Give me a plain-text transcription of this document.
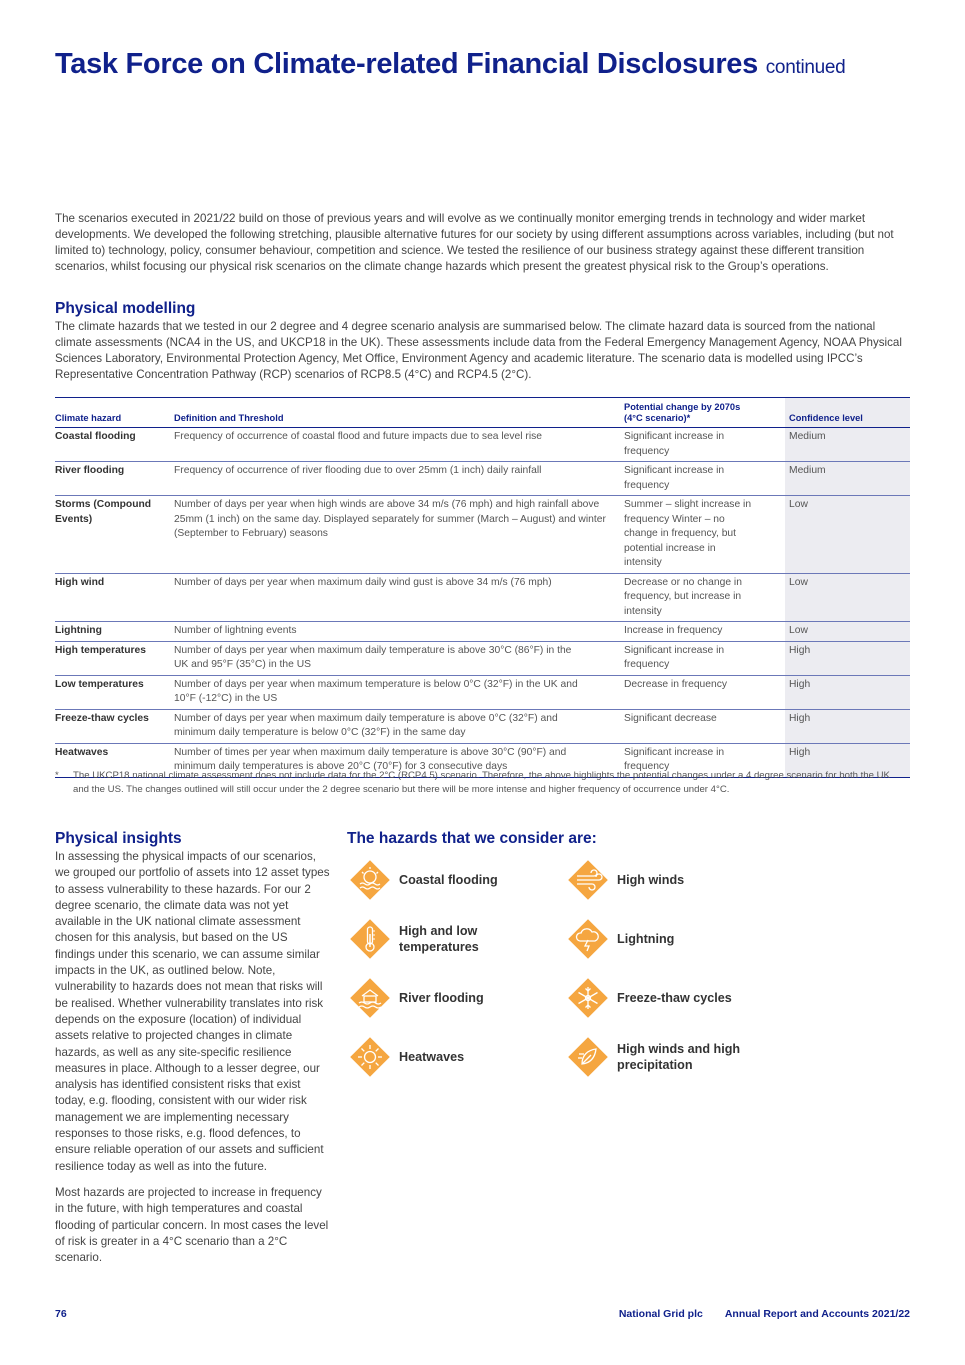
Task Force on Climate-related Financial Disclosures continued

The scenarios executed in 2021/22 build on those of previous years and will evolve as we continually monitor emerging trends in technology and wider market developments. We developed the following stretching, plausible alternative futures for our society by using different assumptions across variables, including (but not limited to) technology, policy, consumer behaviour, competition and science. We tested the resilience of our business strategy against these different transition scenarios, whilst focusing our physical risk scenarios on the climate change hazards which present the greatest physical risk to the Group’s operations.

Physical modelling

The climate hazards that we tested in our 2 degree and 4 degree scenario analysis are summarised below. The climate hazard data is sourced from the national climate assessments (NCA4 in the US, and UKCP18 in the UK). These assessments include data from the Federal Emergency Management Agency, NOAA Physical Sciences Laboratory, Environmental Protection Agency, Met Office, Environment Agency and academic literature. The scenario data is modelled using IPCC’s Representative Concentration Pathway (RCP) scenarios of RCP8.5 (4°C) and RCP4.5 (2°C).

Climate hazard	Definition and Threshold	Potential change by 2070s (4°C scenario)*	Confidence level
Coastal flooding	Frequency of occurrence of coastal flood and future impacts due to sea level rise	Significant increase in frequency	Medium
River flooding	Frequency of occurrence of river flooding due to over 25mm (1 inch) daily rainfall	Significant increase in frequency	Medium

Storms (Compound Events)	Number of days per year when high winds are above 34 m/s (76 mph) and high rainfall above 25mm (1 inch) on the same day. Displayed separately for summer (March – August) and winter (September to February) seasons	Summer – slight increase in frequency Winter – no change in frequency, but potential increase in intensity	Low
High wind	Number of days per year when maximum daily wind gust is above 34 m/s (76 mph)	Decrease or no change in frequency, but increase in intensity	Low
Lightning	Number of lightning events	Increase in frequency	Low
High temperatures	Number of days per year when maximum daily temperature is above 30°C (86°F) in the UK and 95°F (35°C) in the US	Significant increase in frequency	High
Low temperatures	Number of days per year when maximum temperature is below 0°C (32°F) in the UK and 10°F (-12°C) in the US	Decrease in frequency	High
Freeze-thaw cycles	Number of days per year when maximum daily temperature is above 0°C (32°F) and minimum daily temperature is below 0°C (32°F) in the same day	Significant decrease	High
Heatwaves	Number of times per year when maximum daily temperature is above 30°C (90°F) and minimum daily temperatures is above 20°C (70°F) for 3 consecutive days	Significant increase in frequency	High

* The UKCP18 national climate assessment does not include data for the 2°C (RCP4.5) scenario. Therefore, the above highlights the potential changes under a 4 degree scenario for both the UK and the US. The changes outlined will still occur under the 2 degree scenario but there will be more intense and higher frequency of occurrence under 4°C.

Physical insights

In assessing the physical impacts of our scenarios, we grouped our portfolio of assets into 12 asset types to assess vulnerability to these hazards. For our 2 degree scenario, the climate data was not yet available in the UK national climate assessment chosen for this analysis, but based on the US findings under this scenario, we can assume similar impacts in the UK, as outlined below. Note, vulnerability to hazards does not mean that risks will be realised. Whether vulnerability translates into risk depends on the exposure (location) of individual assets relative to projected changes in climate hazards, as well as any site-specific resilience measures in place. Although to a lesser degree, our analysis has identified consistent risks that exist today, e.g. flooding, consistent with our wider risk management we are implementing necessary responses to those risks, e.g. flood defences, to ensure reliable operation of our assets and sufficient resilience today as well as into the future.

Most hazards are projected to increase in frequency in the future, with high temperatures and coastal flooding of particular concern. In most cases the level of risk is greater in a 4°C scenario than a 2°C scenario.

The hazards that we consider are:
Coastal flooding	High winds
High and low temperatures
Lightning
River flooding	Freeze-thaw cycles
Heatwaves
High winds and high precipitation
76	National Grid plc Annual Report and Accounts 2021/22
